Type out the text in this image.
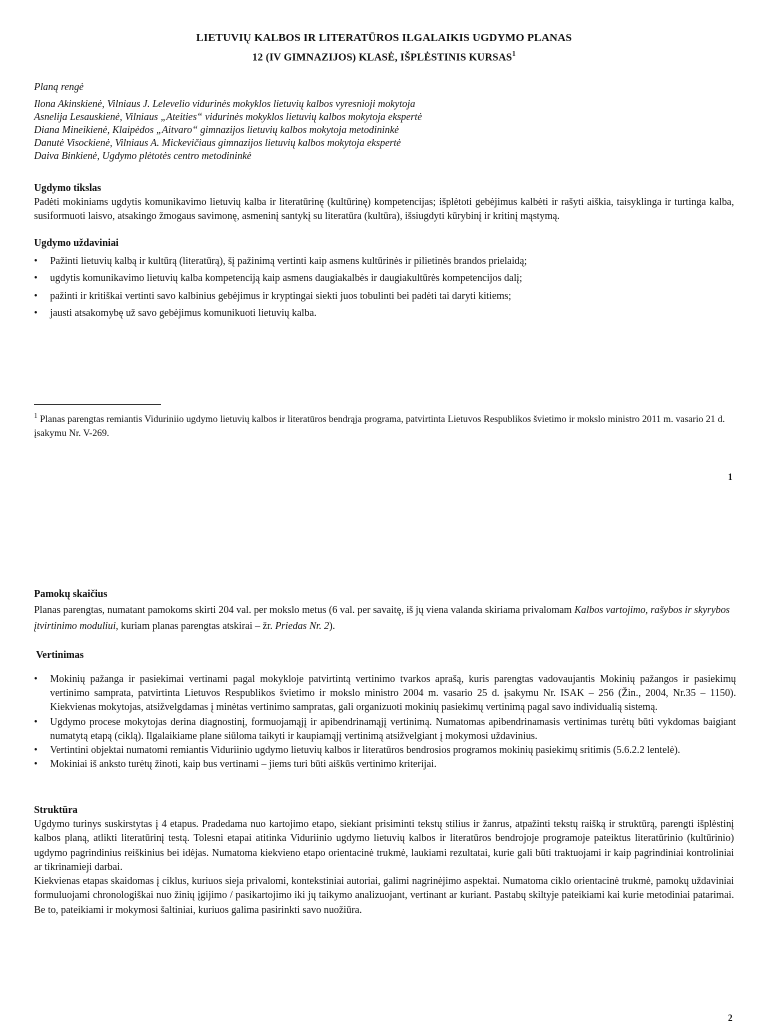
LIETUVIŲ KALBOS IR LITERATŪROS ILGALAIKIS UGDYMO PLANAS
12 (IV GIMNAZIJOS) KLASĖ, IŠPLĖSTINIS KURSAS$^1$
Planą rengė
Ilona Akinskienė, Vilniaus J. Lelevelio vidurinės mokyklos lietuvių kalbos vyresnioji mokytoja
Asnelija Lesauskienė, Vilniaus „Ateities“ vidurinės mokyklos lietuvių kalbos mokytoja ekspertė
Diana Mineikienė, Klaipėdos „Aitvaro“ gimnazijos lietuvių kalbos mokytoja metodininkė
Danutė Visockienė, Vilniaus A. Mickevičiaus gimnazijos lietuvių kalbos mokytoja ekspertė
Daiva Binkienė, Ugdymo plėtotės centro metodininkė
Ugdymo tikslas
Padėti mokiniams ugdytis komunikavimo lietuvių kalba ir literatūrinę (kultūrinę) kompetencijas; išplėtoti gebėjimus kalbėti ir rašyti aiškia, taisyklinga ir turtinga kalba, susiformuoti laisvo, atsakingo žmogaus savimonę, asmeninį santykį su literatūra (kultūra), išsiugdyti kūrybinį ir kritinį mąstymą.
Ugdymo uždaviniai
• Pažinti lietuvių kalbą ir kultūrą (literatūrą), šį pažinimą vertinti kaip asmens kultūrinės ir pilietinės brandos prielaidą;
• ugdytis komunikavimo lietuvių kalba kompetenciją kaip asmens daugiakalbės ir daugiakultūrės kompetencijos dalį;
• pažinti ir kritiškai vertinti savo kalbinius gebėjimus ir kryptingai siekti juos tobulinti bei padėti tai daryti kitiems;
• jausti atsakomybę už savo gebėjimus komunikuoti lietuvių kalba.
$^1$ Planas parengtas remiantis Viduriniio ugdymo lietuvių kalbos ir literatūros bendrąja programa, patvirtinta Lietuvos Respublikos švietimo ir mokslo ministro 2011 m. vasario 21 d. įsakymu Nr. V-269.
1
Pamokų skaičius
Planas parengtas, numatant pamokoms skirti 204 val. per mokslo metus (6 val. per savaitę, iš jų viena valanda skiriama privalomam Kalbos vartojimo, rašybos ir skyrybos įtvirtinimo moduliui, kuriam planas parengtas atskirai – žr. Priedas Nr. 2).
Vertinimas
• Mokinių pažanga ir pasiekimai vertinami pagal mokykloje patvirtintą vertinimo tvarkos aprašą, kuris parengtas vadovaujantis Mokinių pažangos ir pasiekimų vertinimo samprata, patvirtinta Lietuvos Respublikos švietimo ir mokslo ministro 2004 m. vasario 25 d. įsakymu Nr. ISAK – 256 (Žin., 2004, Nr.35 – 1150). Kiekvienas mokytojas, atsižvelgdamas į minėtas vertinimo sampratas, gali organizuoti mokinių pasiekimų vertinimą pagal savo individualią sistemą.
• Ugdymo procese mokytojas derina diagnostinį, formuojamąjį ir apibendrinamąjį vertinimą. Numatomas apibendrinamasis vertinimas turėtų būti vykdomas baigiant numatytą etapą (ciklą). Ilgalaikiame plane siūloma taikyti ir kaupiamąjį vertinimą atsižvelgiant į mokymosi uždavinius.
• Vertintini objektai numatomi remiantis Viduriinio ugdymo lietuvių kalbos ir literatūros bendrosios programos mokinių pasiekimų sritimis (5.6.2.2 lentelė).
• Mokiniai iš anksto turėtų žinoti, kaip bus vertinami – jiems turi būti aiškūs vertinimo kriterijai.
Struktūra
Ugdymo turinys suskirstytas į 4 etapus. Pradedama nuo kartojimo etapo, siekiant prisiminti tekstų stilius ir žanrus, atpažinti tekstų raišką ir struktūrą, parengti išplėstinį kalbos planą, atlikti literatūrinį testą. Tolesni etapai atitinka Viduriinio ugdymo lietuvių kalbos ir literatūros bendrojoje programoje pateiktus literatūrinio (kultūrinio) ugdymo pagrindinius reiškinius bei idėjas. Numatoma kiekvieno etapo orientacinė trukmė, laukiami rezultatai, kurie gali būti traktuojami ir kaip pagrindiniai kontroliniai ar tikrinamieji darbai.
Kiekvienas etapas skaidomas į ciklus, kuriuos sieja privalomi, kontekstiniai autoriai, galimi nagrinėjimo aspektai. Numatoma ciklo orientacinė trukmė, pamokų uždaviniai formuluojami chronologiškai nuo žinių įgijimo / pasikartojimo iki jų taikymo analizuojant, vertinant ar kuriant. Pastabų skiltyje pateikiami kai kurie metodiniai patarimai. Be to, pateikiami ir mokymosi šaltiniai, kuriuos galima pasirinkti savo nuožiūra.
2
